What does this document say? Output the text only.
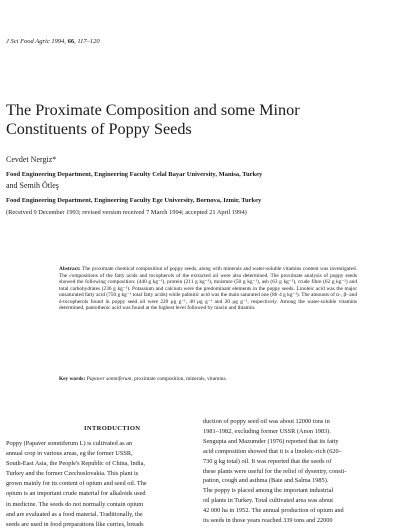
J Sci Food Agric 1994, 66, 117–120
The Proximate Composition and some Minor
Constituents of Poppy Seeds
Cevdet Nergiz*
Food Engineering Department, Engineering Faculty Celal Bayar University, Manisa, Turkey
and Semih Ötleş
Food Engineering Department, Engineering Faculty Ege University, Bornova, Izmir, Turkey
(Received 9 December 1993; revised version received 7 March 1994; accepted 21 April 1994)
Abstract: The proximate chemical composition of poppy seeds, along with minerals and water-soluble vitamins content was investigated. The compositions of the fatty acids and tocopherols of the extracted oil were also determined. The proximate analysis of poppy seeds showed the following composition: (440 g kg⁻¹), protein (211 g kg⁻¹), moisture (50 g kg⁻¹), ash (63 g kg⁻¹), crude fibre (62 g kg⁻¹) and total carbohydrates (236 g kg⁻¹). Potassium and calcium were the predominant elements in the poppy seeds. Linoleic acid was the major unsaturated fatty acid (750 g kg⁻¹ total fatty acids) while palmitic acid was the main saturated one (86·4 g kg⁻¹). The amounts of α-, β- and δ-tocopherols found in poppy seed oil were 220 μg g⁻¹, 40 μg g⁻¹ and 20 μg g⁻¹, respectively. Among the water-soluble vitamins determined, pantothenic acid was found at the highest level followed by niacin and thiamin.
Key words: Papaver somniferum, proximate composition, minerals, vitamins.
INTRODUCTION
Poppy (Papaver somniferum L) is cultivated as an
annual crop in various areas, eg the former USSR,
South-East Asia, the People's Republic of China, India,
Turkey and the former Czechoslovakia. This plant is
grown mainly for its content of opium and seed oil. The
opium is an important crude material for alkaloids used
in medicine. The seeds do not normally contain opium
and are evaluated as a food material. Traditionally, the
seeds are used in food preparations like curries, breads
duction of poppy seed oil was about 12000 tons in
1981–1982, excluding former USSR (Anon 1983).
Sengupta and Mazumder (1976) reported that its fatty
acid composition showed that it is a linoleic-rich (620–
730 g kg total) oil. It was reported that the seeds of
these plants were useful for the relief of dysentry, consti-
pation, cough and asthma (Baie and Salma 1985).
The poppy is placed among the important industrial
oil plants in Turkey. Total cultivated area was about
42 000 ha in 1952. The annual production of opium and
its seeds in those years reached 339 tons and 22000
